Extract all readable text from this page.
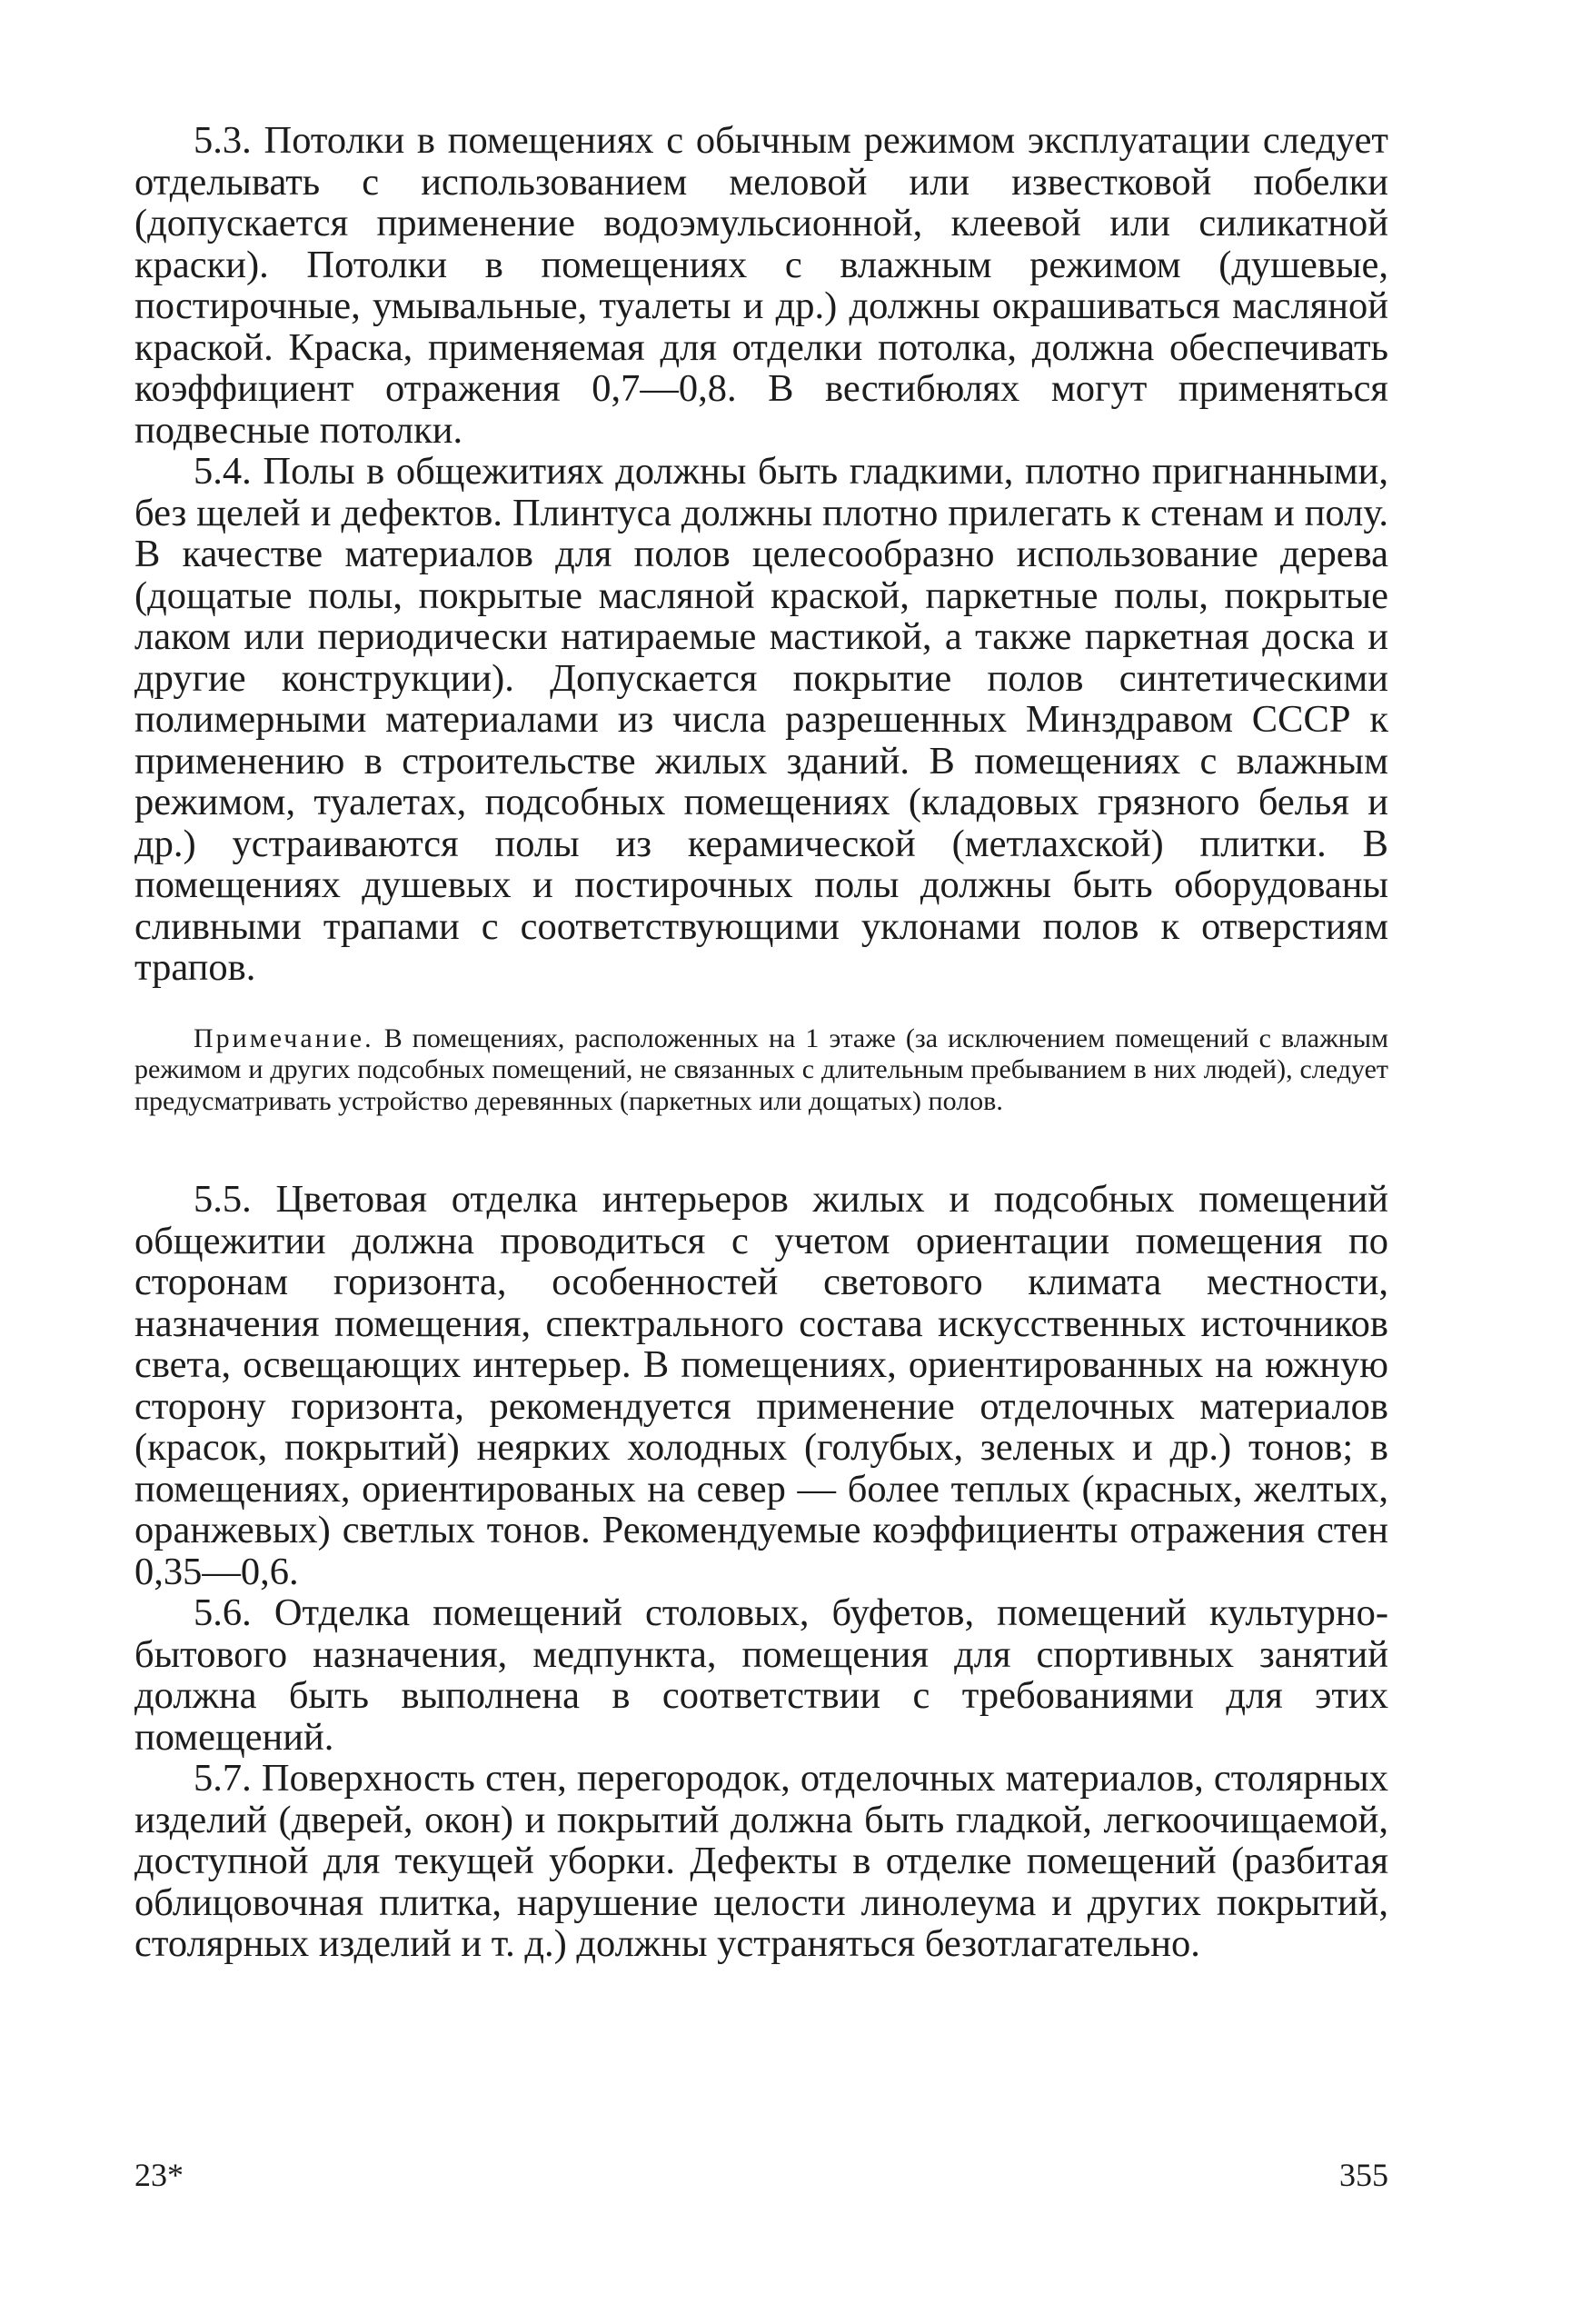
5.3. Потолки в помещениях с обычным режимом эксплуатации следует отделывать с использованием меловой или известковой побелки (допускается применение водоэмульсионной, клеевой или силикатной краски). Потолки в помещениях с влажным режимом (душевые, постирочные, умывальные, туалеты и др.) должны окрашиваться масляной краской. Краска, применяемая для отделки потолка, должна обеспечивать коэффициент отражения 0,7—0,8. В вестибюлях могут применяться подвесные потолки.

5.4. Полы в общежитиях должны быть гладкими, плотно пригнанными, без щелей и дефектов. Плинтуса должны плотно прилегать к стенам и полу. В качестве материалов для полов целесообразно использование дерева (дощатые полы, покрытые масляной краской, паркетные полы, покрытые лаком или периодически натираемые мастикой, а также паркетная доска и другие конструкции). Допускается покрытие полов синтетическими полимерными материалами из числа разрешенных Минздравом СССР к применению в строительстве жилых зданий. В помещениях с влажным режимом, туалетах, подсобных помещениях (кладовых грязного белья и др.) устраиваются полы из керамической (метлахской) плитки. В помещениях душевых и постирочных полы должны быть оборудованы сливными трапами с соответствующими уклонами полов к отверстиям трапов.

Примечание. В помещениях, расположенных на 1 этаже (за исключением помещений с влажным режимом и других подсобных помещений, не связанных с длительным пребыванием в них людей), следует предусматривать устройство деревянных (паркетных или дощатых) полов.

5.5. Цветовая отделка интерьеров жилых и подсобных помещений общежитии должна проводиться с учетом ориентации помещения по сторонам горизонта, особенностей светового климата местности, назначения помещения, спектрального состава искусственных источников света, освещающих интерьер. В помещениях, ориентированных на южную сторону горизонта, рекомендуется применение отделочных материалов (красок, покрытий) неярких холодных (голубых, зеленых и др.) тонов; в помещениях, ориентированых на север — более теплых (красных, желтых, оранжевых) светлых тонов. Рекомендуемые коэффициенты отражения стен 0,35—0,6.

5.6. Отделка помещений столовых, буфетов, помещений культурно-бытового назначения, медпункта, помещения для спортивных занятий должна быть выполнена в соответствии с требованиями для этих помещений.

5.7. Поверхность стен, перегородок, отделочных материалов, столярных изделий (дверей, окон) и покрытий должна быть гладкой, легкоочищаемой, доступной для текущей уборки. Дефекты в отделке помещений (разбитая облицовочная плитка, нарушение целости линолеума и других покрытий, столярных изделий и т. д.) должны устраняться безотлагательно.

23*	355
